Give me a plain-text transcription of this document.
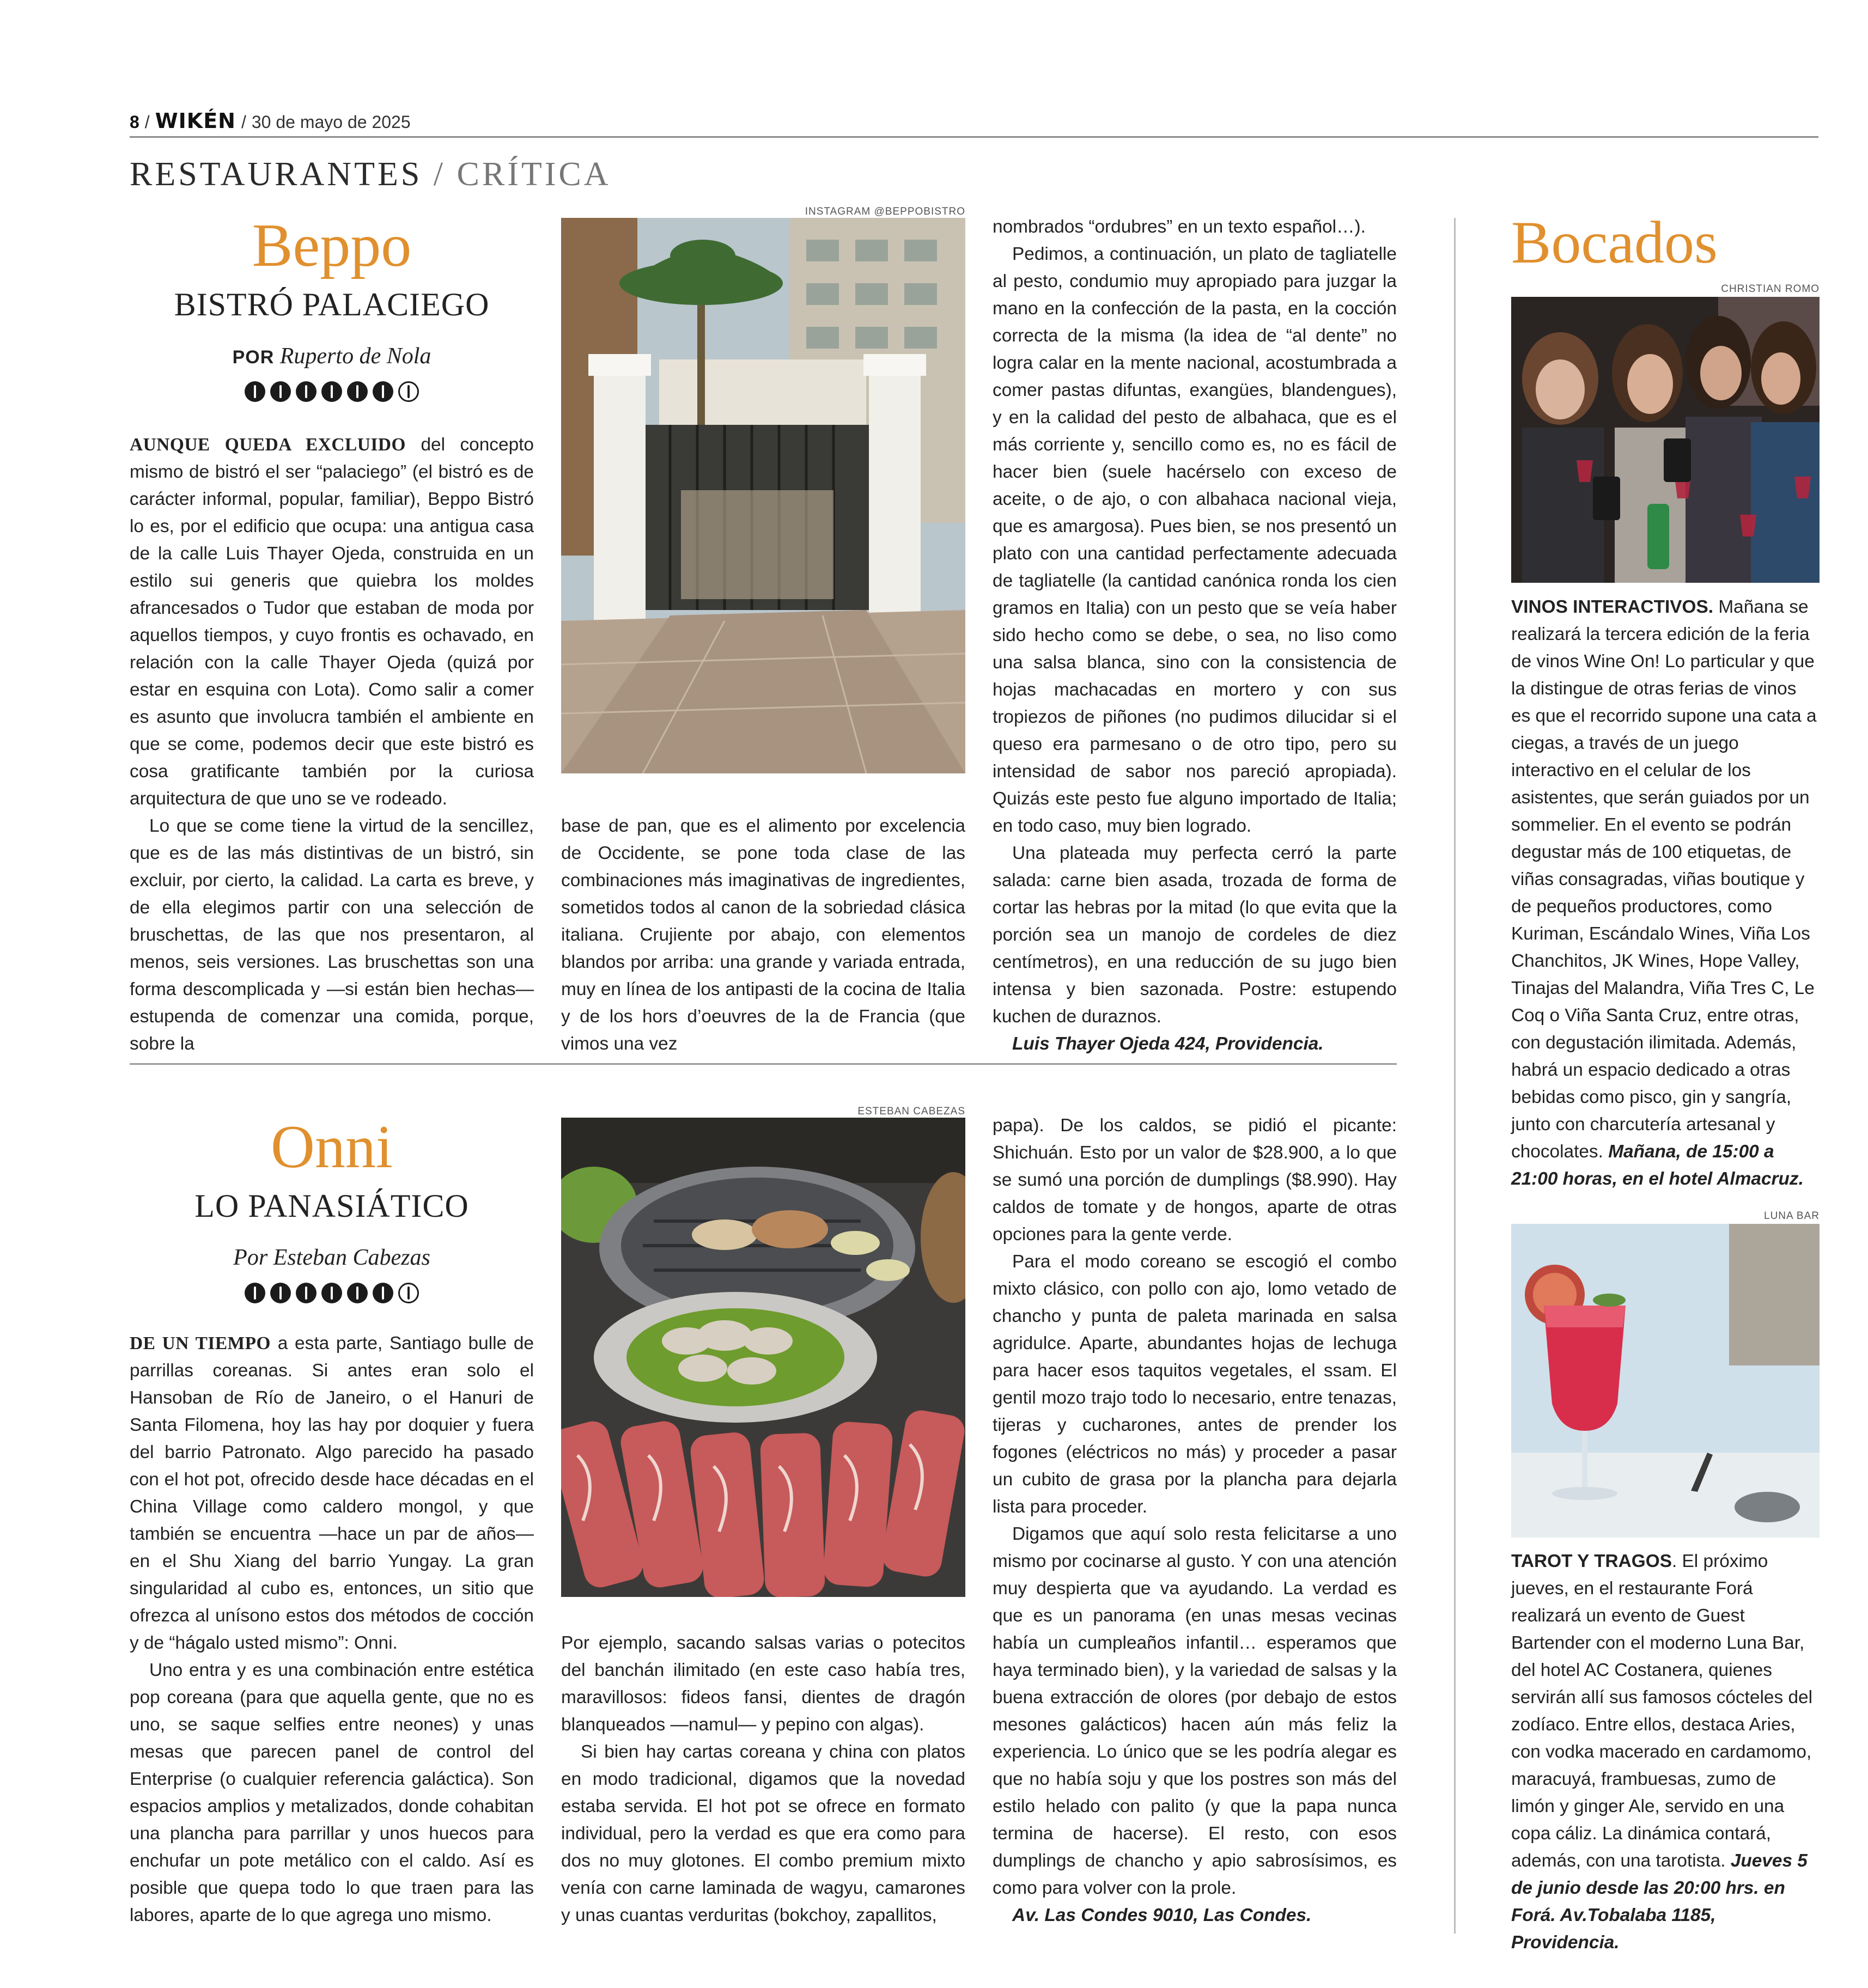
8 / WIKÉN / 30 de mayo de 2025
RESTAURANTES / CRÍTICA
Beppo
BISTRÓ PALACIEGO
POR Ruperto de Nola

AUNQUE QUEDA EXCLUIDO del concepto mismo de bistró el ser “palaciego” (el bistró es de carácter informal, popular, familiar), Beppo Bistró lo es, por el edificio que ocupa: una antigua casa de la calle Luis Thayer Ojeda, construida en un estilo sui generis que quiebra los moldes afrancesados o Tudor que estaban de moda por aquellos tiempos, y cuyo frontis es ochavado, en relación con la calle Thayer Ojeda (quizá por estar en esquina con Lota). Como salir a comer es asunto que involucra también el ambiente en que se come, podemos decir que este bistró es cosa gratificante también por la curiosa arquitectura de que uno se ve rodeado.

Lo que se come tiene la virtud de la sencillez, que es de las más distintivas de un bistró, sin excluir, por cierto, la calidad. La carta es breve, y de ella elegimos partir con una selección de bruschettas, de las que nos presentaron, al menos, seis versiones. Las bruschettas son una forma descomplicada y —si están bien hechas— estupenda de comenzar una comida, porque, sobre la

INSTAGRAM @BEPPOBISTRO

base de pan, que es el alimento por excelencia de Occidente, se pone toda clase de las combinaciones más imaginativas de ingredientes, sometidos todos al canon de la sobriedad clásica italiana. Crujiente por abajo, con elementos blandos por arriba: una grande y variada entrada, muy en línea de los antipasti de la cocina de Italia y de los hors d’oeuvres de la de Francia (que vimos una vez

nombrados “ordubres” en un texto español…).

Pedimos, a continuación, un plato de tagliatelle al pesto, condumio muy apropiado para juzgar la mano en la confección de la pasta, en la cocción correcta de la misma (la idea de “al dente” no logra calar en la mente nacional, acostumbrada a comer pastas difuntas, exangües, blandengues), y en la calidad del pesto de albahaca, que es el más corriente y, sencillo como es, no es fácil de hacer bien (suele hacérselo con exceso de aceite, o de ajo, o con albahaca nacional vieja, que es amargosa). Pues bien, se nos presentó un plato con una cantidad perfectamente adecuada de tagliatelle (la cantidad canónica ronda los cien gramos en Italia) con un pesto que se veía haber sido hecho como se debe, o sea, no liso como una salsa blanca, sino con la consistencia de hojas machacadas en mortero y con sus tropiezos de piñones (no pudimos dilucidar si el queso era parmesano o de otro tipo, pero su intensidad de sabor nos pareció apropiada). Quizás este pesto fue alguno importado de Italia; en todo caso, muy bien logrado.

Una plateada muy perfecta cerró la parte salada: carne bien asada, trozada de forma de cortar las hebras por la mitad (lo que evita que la porción sea un manojo de cordeles de diez centímetros), en una reducción de su jugo bien intensa y bien sazonada. Postre: estupendo kuchen de duraznos.

Luis Thayer Ojeda 424, Providencia.
Onni
LO PANASIÁTICO
Por Esteban Cabezas

DE UN TIEMPO a esta parte, Santiago bulle de parrillas coreanas. Si antes eran solo el Hansoban de Río de Janeiro, o el Hanuri de Santa Filomena, hoy las hay por doquier y fuera del barrio Patronato. Algo parecido ha pasado con el hot pot, ofrecido desde hace décadas en el China Village como caldero mongol, y que también se encuentra —hace un par de años— en el Shu Xiang del barrio Yungay. La gran singularidad al cubo es, entonces, un sitio que ofrezca al unísono estos dos métodos de cocción y de “hágalo usted mismo”: Onni.

Uno entra y es una combinación entre estética pop coreana (para que aquella gente, que no es uno, se saque selfies entre neones) y unas mesas que parecen panel de control del Enterprise (o cualquier referencia galáctica). Son espacios amplios y metalizados, donde cohabitan una plancha para parrillar y unos huecos para enchufar un pote metálico con el caldo. Así es posible que quepa todo lo que traen para las labores, aparte de lo que agrega uno mismo.

ESTEBAN CABEZAS

Por ejemplo, sacando salsas varias o potecitos del banchán ilimitado (en este caso había tres, maravillosos: fideos fansi, dientes de dragón blanqueados —namul— y pepino con algas).

Si bien hay cartas coreana y china con platos en modo tradicional, digamos que la novedad estaba servida. El hot pot se ofrece en formato individual, pero la verdad es que era como para dos no muy glotones. El combo premium mixto venía con carne laminada de wagyu, camarones y unas cuantas verduritas (bokchoy, zapallitos,

papa). De los caldos, se pidió el picante: Shichuán. Esto por un valor de $28.900, a lo que se sumó una porción de dumplings ($8.990). Hay caldos de tomate y de hongos, aparte de otras opciones para la gente verde.

Para el modo coreano se escogió el combo mixto clásico, con pollo con ajo, lomo vetado de chancho y punta de paleta marinada en salsa agridulce. Aparte, abundantes hojas de lechuga para hacer esos taquitos vegetales, el ssam. El gentil mozo trajo todo lo necesario, entre tenazas, tijeras y cucharones, antes de prender los fogones (eléctricos no más) y proceder a pasar un cubito de grasa por la plancha para dejarla lista para proceder.

Digamos que aquí solo resta felicitarse a uno mismo por cocinarse al gusto. Y con una atención muy despierta que va ayudando. La verdad es que es un panorama (en unas mesas vecinas había un cumpleaños infantil… esperamos que haya terminado bien), y la variedad de salsas y la buena extracción de olores (por debajo de estos mesones galácticos) hacen aún más feliz la experiencia. Lo único que se les podría alegar es que no había soju y que los postres son más del estilo helado con palito (y que la papa nunca termina de hacerse). El resto, con esos dumplings de chancho y apio sabrosísimos, es como para volver con la prole.

Av. Las Condes 9010, Las Condes.
Bocados
CHRISTIAN ROMO

VINOS INTERACTIVOS. Mañana se realizará la tercera edición de la feria de vinos Wine On! Lo particular y que la distingue de otras ferias de vinos es que el recorrido supone una cata a ciegas, a través de un juego interactivo en el celular de los asistentes, que serán guiados por un sommelier. En el evento se podrán degustar más de 100 etiquetas, de viñas consagradas, viñas boutique y de pequeños productores, como Kuriman, Escándalo Wines, Viña Los Chanchitos, JK Wines, Hope Valley, Tinajas del Malandra, Viña Tres C, Le Coq o Viña Santa Cruz, entre otras, con degustación ilimitada. Además, habrá un espacio dedicado a otras bebidas como pisco, gin y sangría, junto con charcutería artesanal y chocolates. Mañana, de 15:00 a 21:00 horas, en el hotel Almacruz.

LUNA BAR

TAROT Y TRAGOS. El próximo jueves, en el restaurante Forá realizará un evento de Guest Bartender con el moderno Luna Bar, del hotel AC Costanera, quienes servirán allí sus famosos cócteles del zodíaco. Entre ellos, destaca Aries, con vodka macerado en cardamomo, maracuyá, frambuesas, zumo de limón y ginger Ale, servido en una copa cáliz. La dinámica contará, además, con una tarotista. Jueves 5 de junio desde las 20:00 hrs. en Forá. Av.Tobalaba 1185, Providencia.
